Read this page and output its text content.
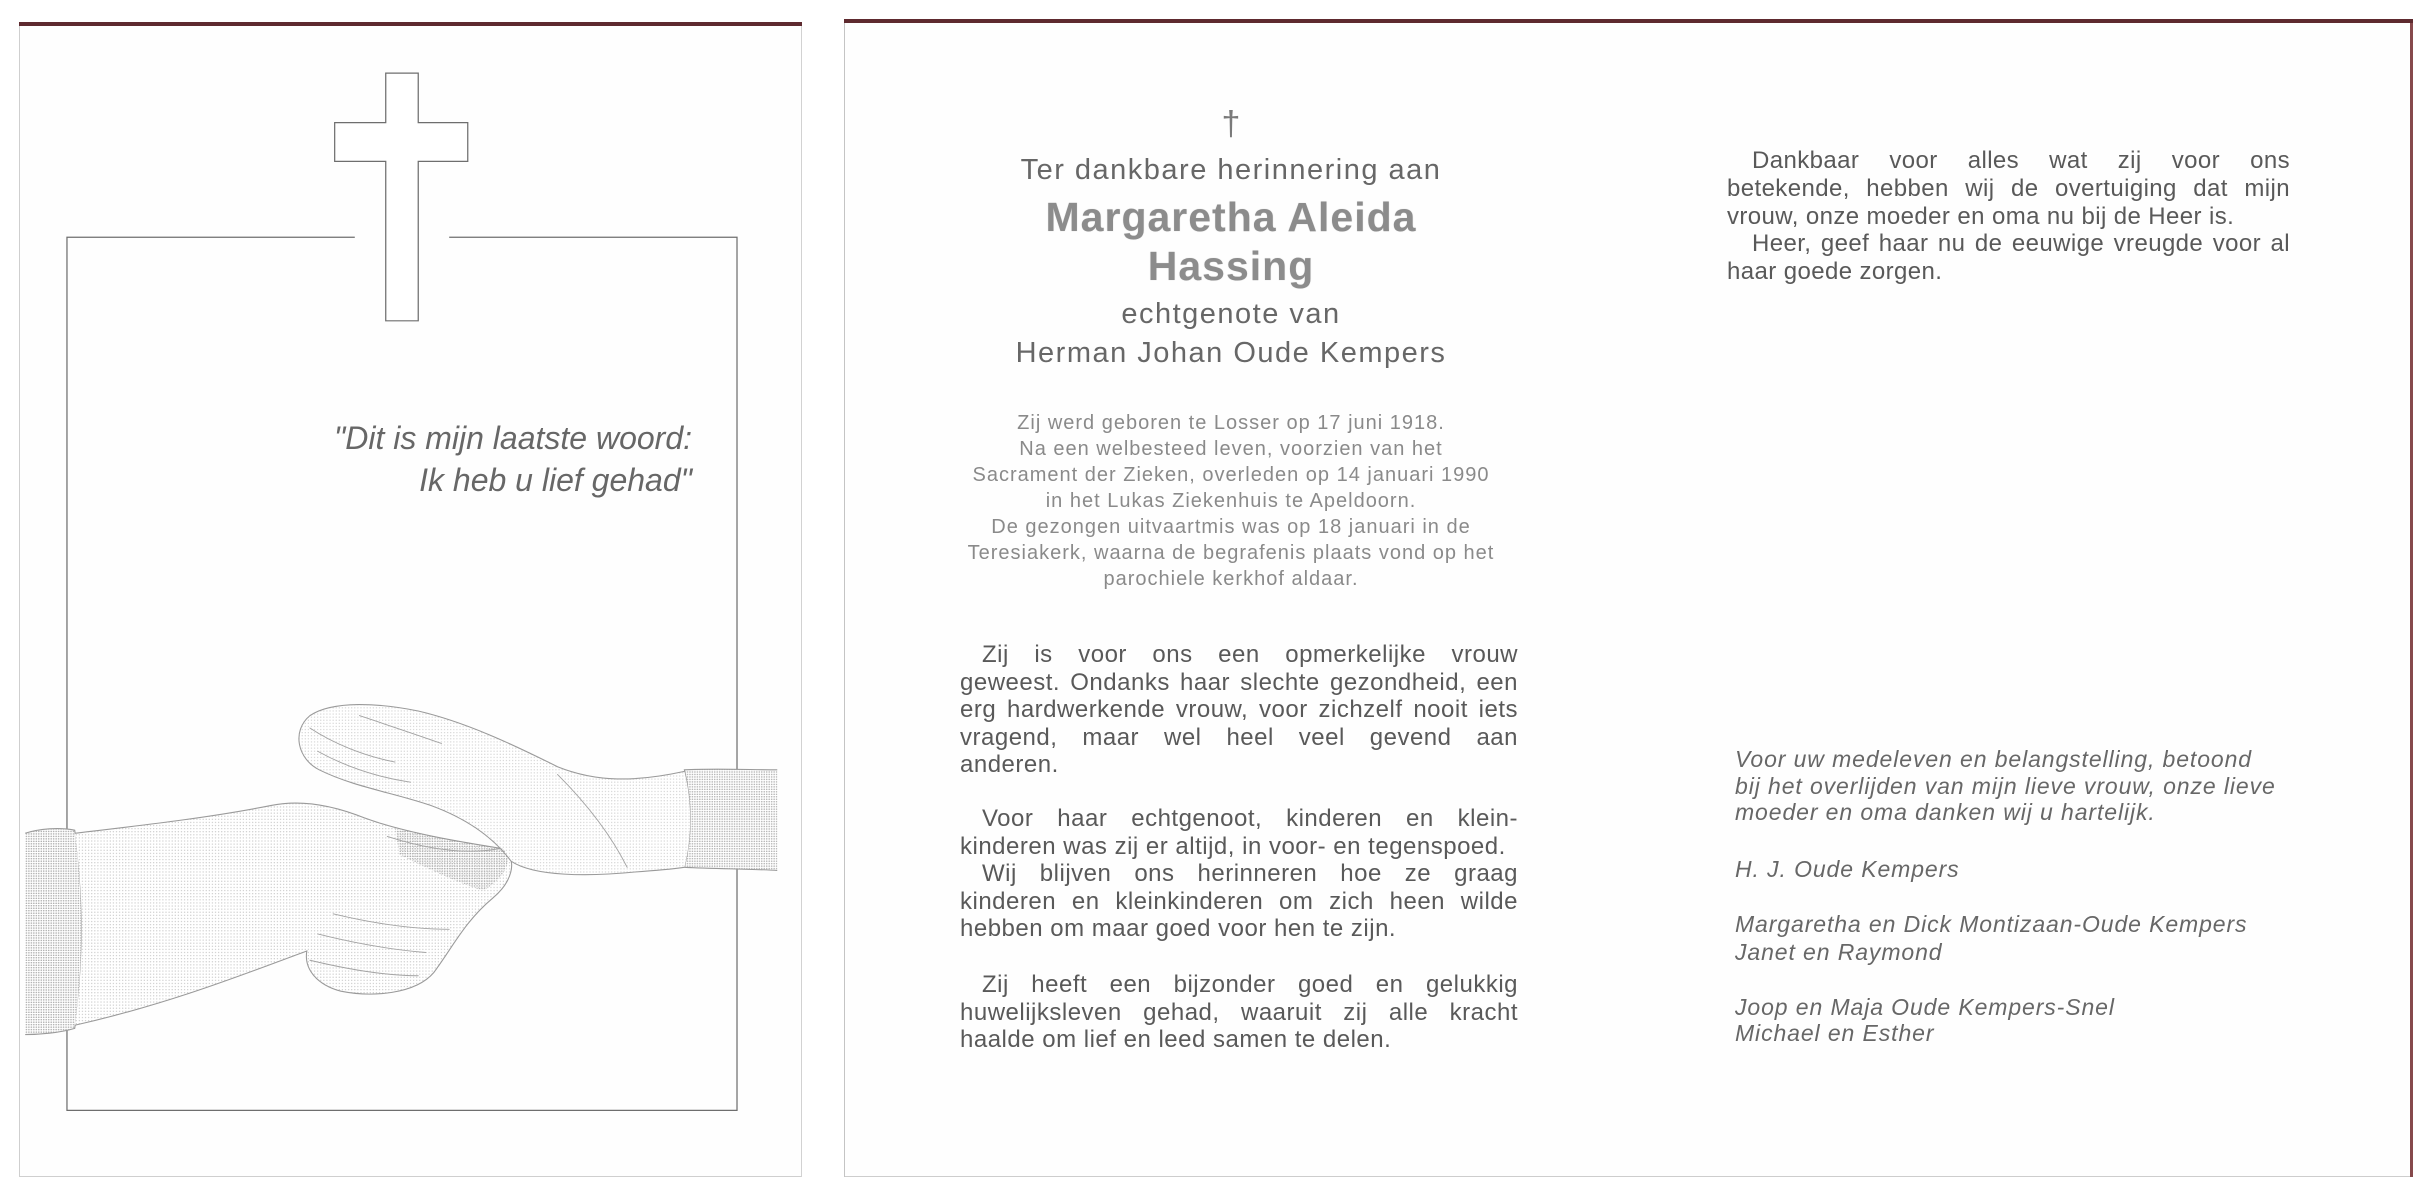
"Dit is mijn laatste woord:
Ik heb u lief gehad"
†
Ter dankbare herinnering aan
Margaretha Aleida
Hassing
echtgenote van
Herman Johan Oude Kempers
Zij werd geboren te Losser op 17 juni 1918.
Na een welbesteed leven, voorzien van het
Sacrament der Zieken, overleden op 14 januari 1990
in het Lukas Ziekenhuis te Apeldoorn.
De gezongen uitvaartmis was op 18 januari in de
Teresiakerk, waarna de begrafenis plaats vond op het
parochiele kerkhof aldaar.
Zij is voor ons een opmerkelijke vrouw
geweest. Ondanks haar slechte gezondheid, een
erg hardwerkende vrouw, voor zichzelf nooit iets
vragend, maar wel heel veel gevend aan
anderen.
Voor haar echtgenoot, kinderen en klein-
kinderen was zij er altijd, in voor- en tegenspoed.
Wij blijven ons herinneren hoe ze graag
kinderen en kleinkinderen om zich heen wilde
hebben om maar goed voor hen te zijn.
Zij heeft een bijzonder goed en gelukkig
huwelijksleven gehad, waaruit zij alle kracht
haalde om lief en leed samen te delen.
Dankbaar voor alles wat zij voor ons
betekende, hebben wij de overtuiging dat mijn
vrouw, onze moeder en oma nu bij de Heer is.
Heer, geef haar nu de eeuwige vreugde voor al
haar goede zorgen.
Voor uw medeleven en belangstelling, betoond
bij het overlijden van mijn lieve vrouw, onze lieve
moeder en oma danken wij u hartelijk.
H. J. Oude Kempers
Margaretha en Dick Montizaan-Oude Kempers
Janet en Raymond
Joop en Maja Oude Kempers-Snel
Michael en Esther
